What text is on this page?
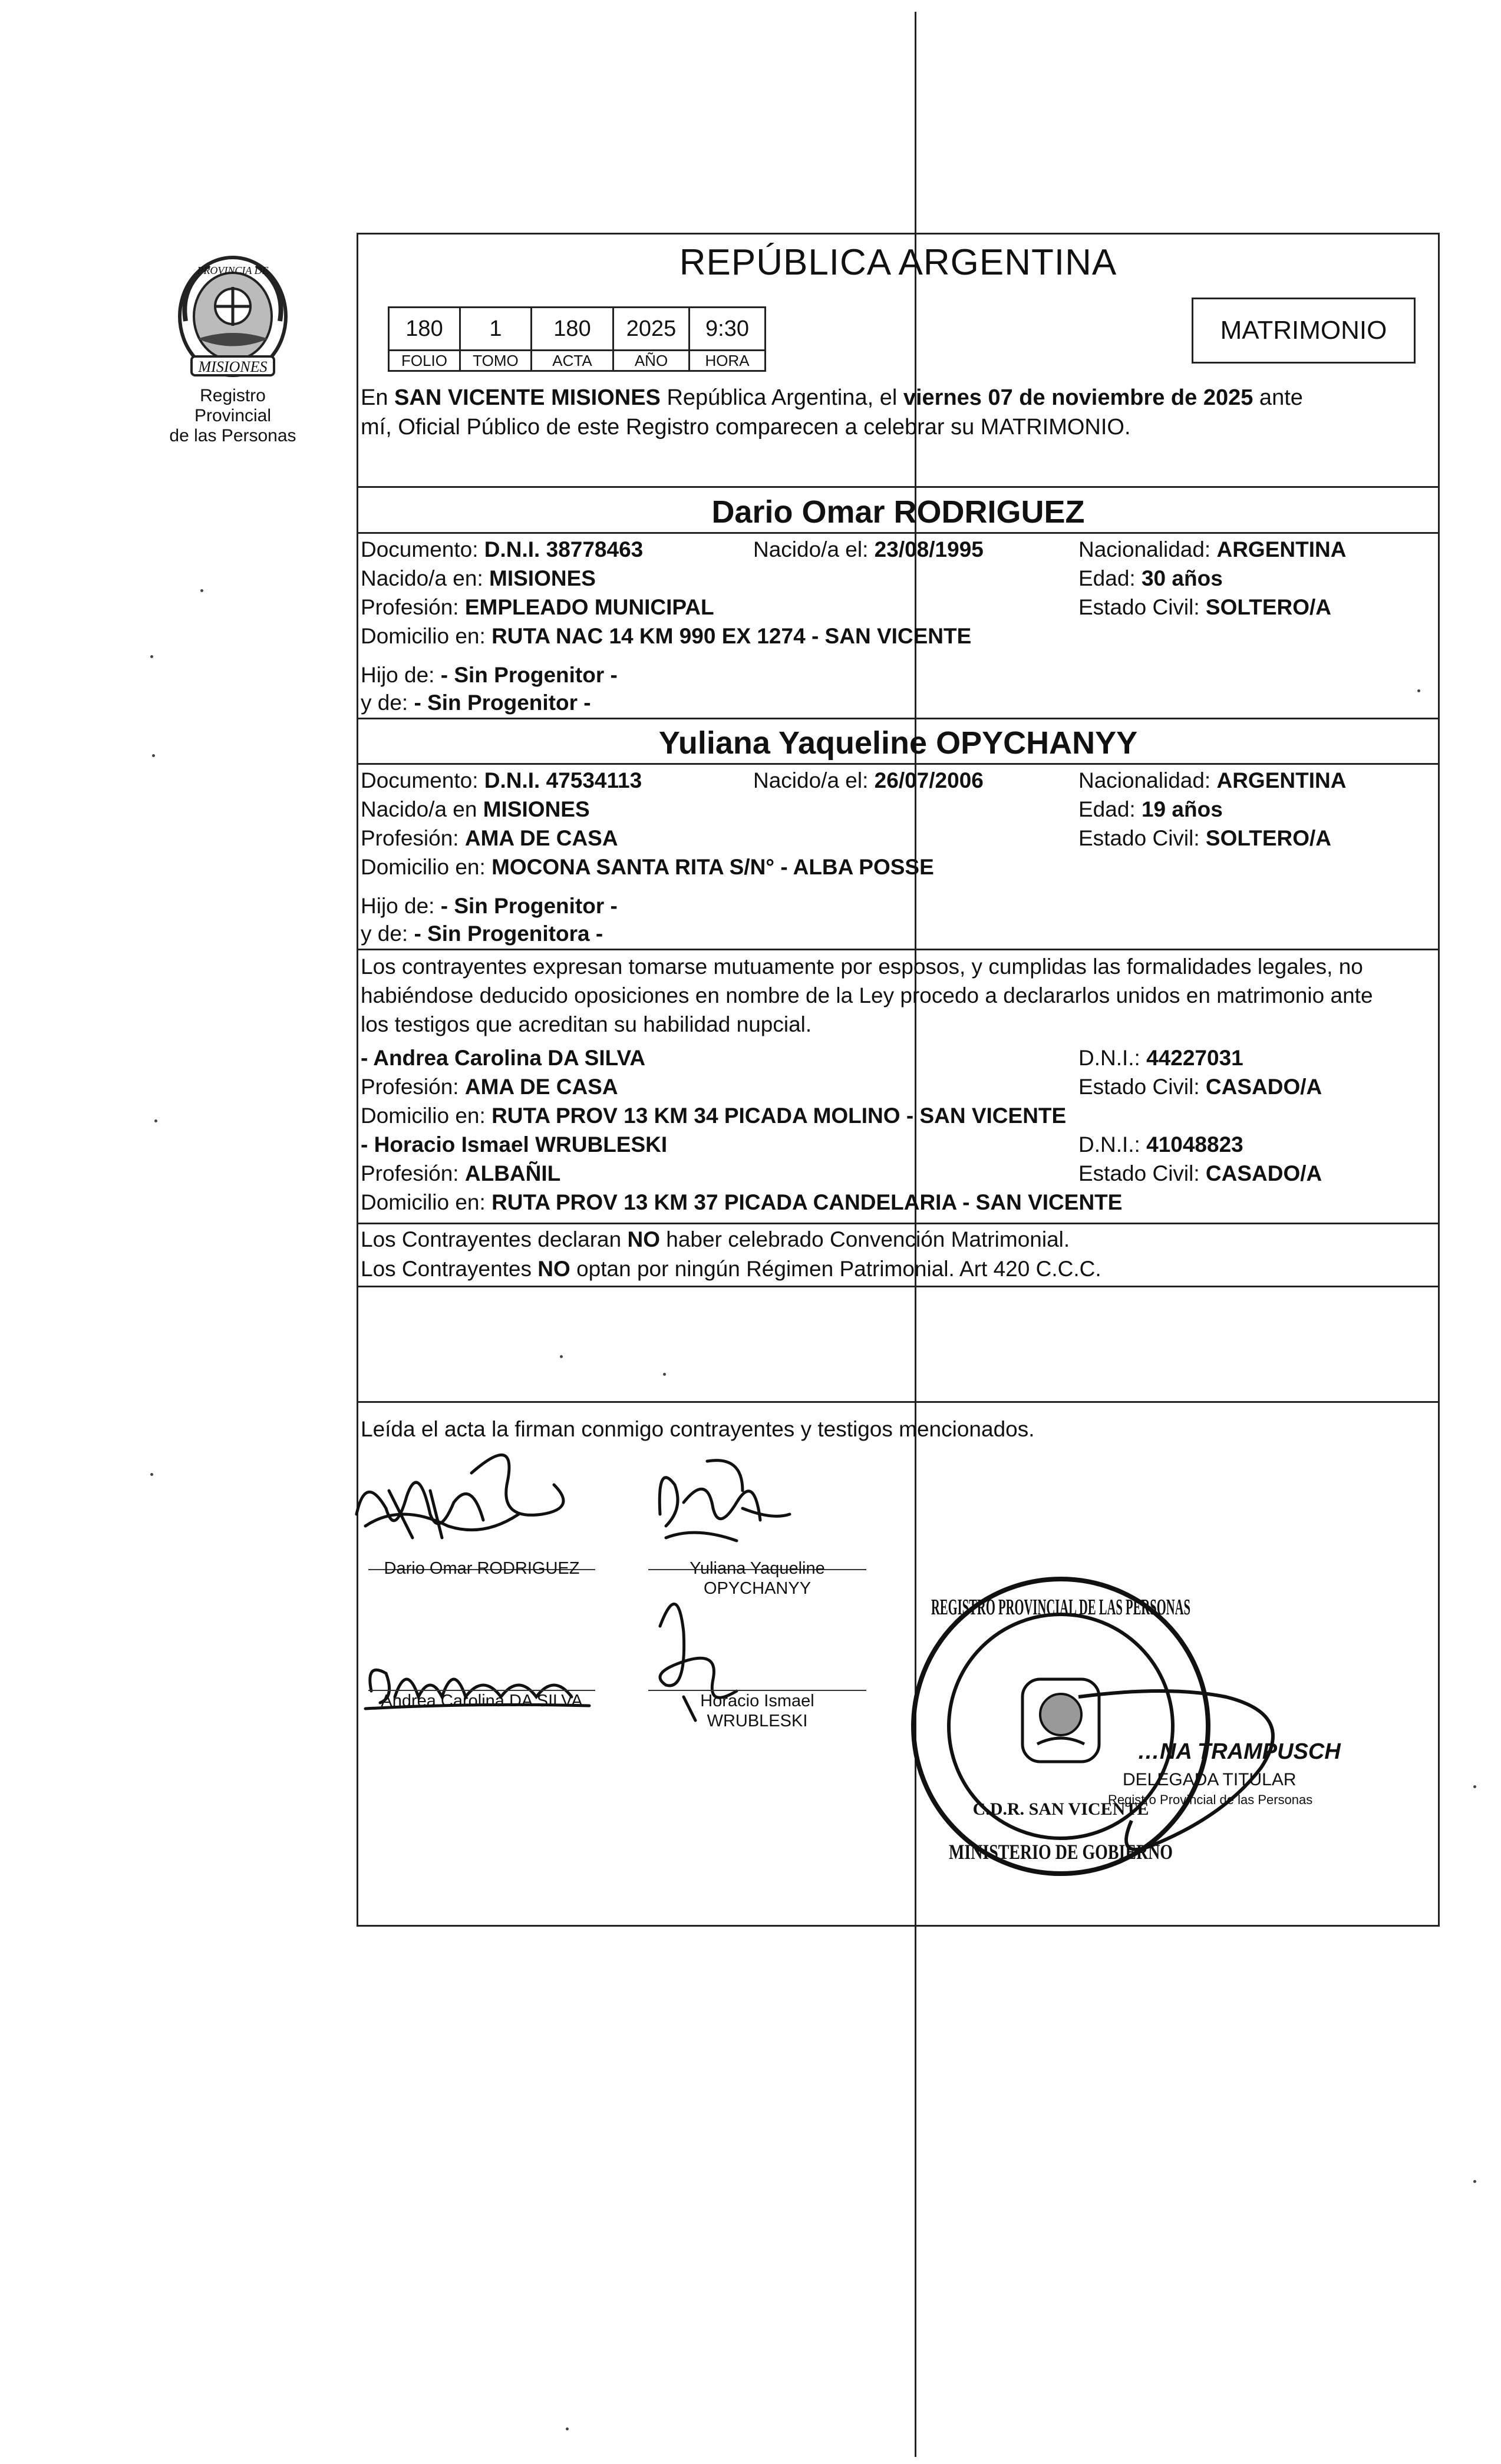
MISIONES
PROVINCIA DE
Registro Provincial
de las Personas
REPÚBLICA ARGENTINA
180	1	180	2025	9:30
FOLIO	TOMO	ACTA	AÑO	HORA
MATRIMONIO
En SAN VICENTE MISIONES República Argentina, el viernes 07 de noviembre de 2025 ante
mí, Oficial Público de este Registro comparecen a celebrar su MATRIMONIO.
Dario Omar RODRIGUEZ
Documento: D.N.I. 38778463	Nacido/a el: 23/08/1995	Nacionalidad: ARGENTINA
Nacido/a en: MISIONES	Edad: 30 años
Profesión: EMPLEADO MUNICIPAL	Estado Civil: SOLTERO/A
Domicilio en: RUTA NAC 14 KM 990 EX 1274 - SAN VICENTE
Hijo de: - Sin Progenitor -
y de: - Sin Progenitor -
Yuliana Yaqueline OPYCHANYY
Documento: D.N.I. 47534113	Nacido/a el: 26/07/2006	Nacionalidad: ARGENTINA
Nacido/a en MISIONES	Edad: 19 años
Profesión: AMA DE CASA	Estado Civil: SOLTERO/A
Domicilio en: MOCONA SANTA RITA S/N° - ALBA POSSE
Hijo de: - Sin Progenitor -
y de: - Sin Progenitora -
Los contrayentes expresan tomarse mutuamente por esposos, y cumplidas las formalidades legales, no
habiéndose deducido oposiciones en nombre de la Ley procedo a declararlos unidos en matrimonio ante
los testigos que acreditan su habilidad nupcial.
- Andrea Carolina DA SILVA	D.N.I.: 44227031
Profesión: AMA DE CASA	Estado Civil: CASADO/A
Domicilio en: RUTA PROV 13 KM 34 PICADA MOLINO - SAN VICENTE
- Horacio Ismael WRUBLESKI	D.N.I.: 41048823
Profesión: ALBAÑIL	Estado Civil: CASADO/A
Domicilio en: RUTA PROV 13 KM 37 PICADA CANDELARIA - SAN VICENTE
Los Contrayentes declaran NO haber celebrado Convención Matrimonial.
Los Contrayentes NO optan por ningún Régimen Patrimonial. Art 420 C.C.C.
Leída el acta la firman conmigo contrayentes y testigos mencionados.
REGISTRO PROVINCIAL DE LAS PERSONAS
MINISTERIO DE GOBIERNO
C.D.R. SAN VICENTE
…NA TRAMPUSCH
DELEGADA TITULAR
Registro Provincial de las Personas
Dario Omar RODRIGUEZ	Yuliana Yaqueline
OPYCHANYY
Andrea Carolina DA SILVA	Horacio Ismael
WRUBLESKI
